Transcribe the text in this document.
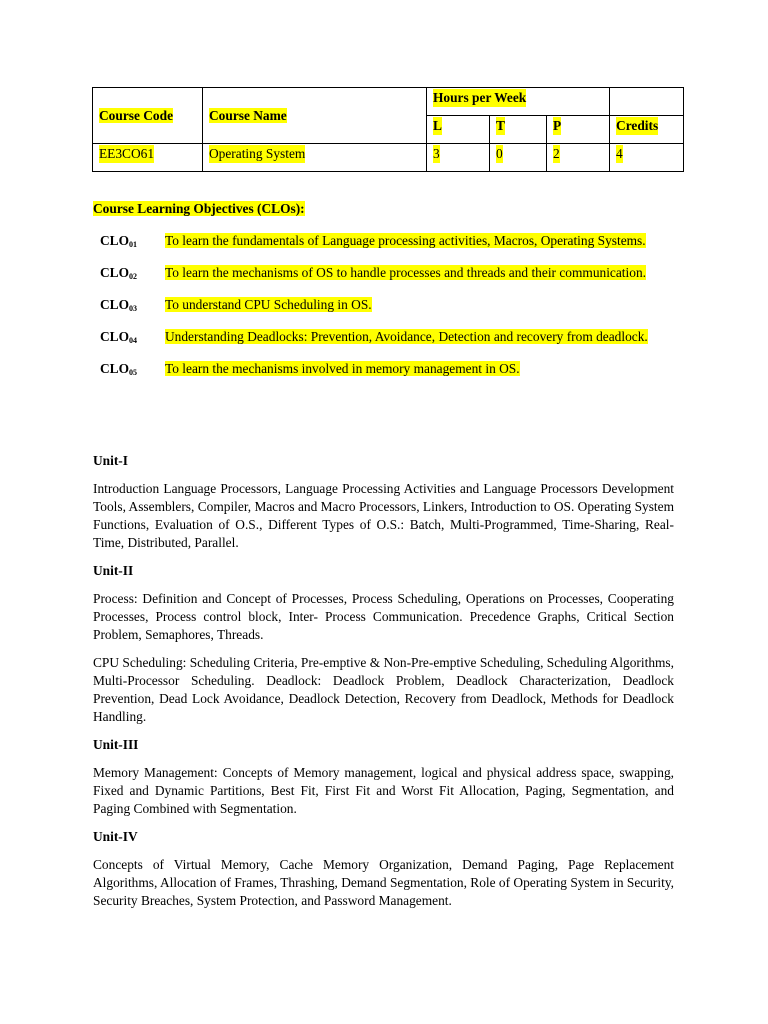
Course Code	Course Name	Hours per Week			
		L	T	P	Credits
EE3CO61	Operating System	3	0	2	4
Course Learning Objectives (CLOs):
$CLO_{01}$	To learn the fundamentals of Language processing activities, Macros, Operating Systems.
$CLO_{02}$	To learn the mechanisms of OS to handle processes and threads and their communication.
$CLO_{03}$	To understand CPU Scheduling in OS.
$CLO_{04}$	Understanding Deadlocks: Prevention, Avoidance, Detection and recovery from deadlock.
$CLO_{05}$	To learn the mechanisms involved in memory management in OS.
Unit-I
Introduction Language Processors, Language Processing Activities and Language Processors Development Tools, Assemblers, Compiler, Macros and Macro Processors, Linkers, Introduction to OS. Operating System Functions, Evaluation of O.S., Different Types of O.S.: Batch, Multi-Programmed, Time-Sharing, Real-Time, Distributed, Parallel.
Unit-II
Process: Definition and Concept of Processes, Process Scheduling, Operations on Processes, Cooperating Processes, Process control block, Inter- Process Communication. Precedence Graphs, Critical Section Problem, Semaphores, Threads.
CPU Scheduling: Scheduling Criteria, Pre-emptive & Non-Pre-emptive Scheduling, Scheduling Algorithms, Multi-Processor Scheduling. Deadlock: Deadlock Problem, Deadlock Characterization, Deadlock Prevention, Dead Lock Avoidance, Deadlock Detection, Recovery from Deadlock, Methods for Deadlock Handling.
Unit-III
Memory Management: Concepts of Memory management, logical and physical address space, swapping, Fixed and Dynamic Partitions, Best Fit, First Fit and Worst Fit Allocation, Paging, Segmentation, and Paging Combined with Segmentation.
Unit-IV
Concepts of Virtual Memory, Cache Memory Organization, Demand Paging, Page Replacement Algorithms, Allocation of Frames, Thrashing, Demand Segmentation, Role of Operating System in Security, Security Breaches, System Protection, and Password Management.
